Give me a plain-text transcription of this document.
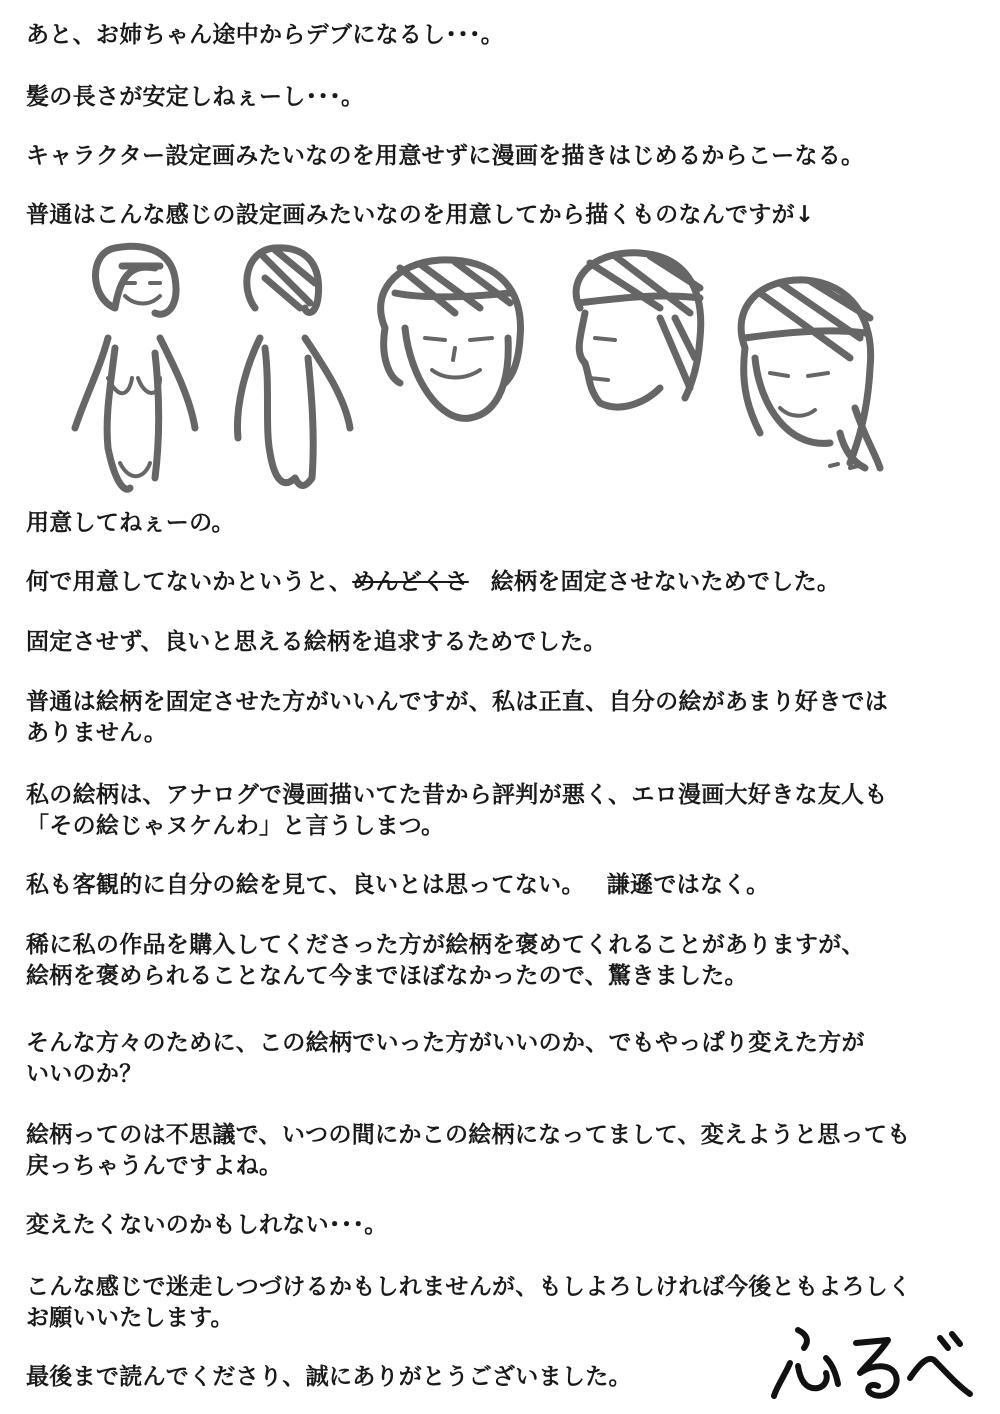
あと、お姉ちゃん途中からデブになるし･･･。
髪の長さが安定しねぇーし･･･。
キャラクター設定画みたいなのを用意せずに漫画を描きはじめるからこーなる。
普通はこんな感じの設定画みたいなのを用意してから描くものなんですが↓
用意してねぇーの。
何で用意してないかというと、めんどくさ 絵柄を固定させないためでした。
固定させず、良いと思える絵柄を追求するためでした。
普通は絵柄を固定させた方がいいんですが、私は正直、自分の絵があまり好きでは
ありません。
私の絵柄は、アナログで漫画描いてた昔から評判が悪く、エロ漫画大好きな友人も
「その絵じゃヌケんわ」と言うしまつ。
私も客観的に自分の絵を見て、良いとは思ってない。 謙遜ではなく。
稀に私の作品を購入してくださった方が絵柄を褒めてくれることがありますが、
絵柄を褒められることなんて今までほぼなかったので、驚きました。
そんな方々のために、この絵柄でいった方がいいのか、でもやっぱり変えた方が
いいのか？
絵柄ってのは不思議で、いつの間にかこの絵柄になってまして、変えようと思っても
戻っちゃうんですよね。
変えたくないのかもしれない･･･。
こんな感じで迷走しつづけるかもしれませんが、もしよろしければ今後ともよろしく
お願いいたします。
最後まで読んでくださり、誠にありがとうございました。
